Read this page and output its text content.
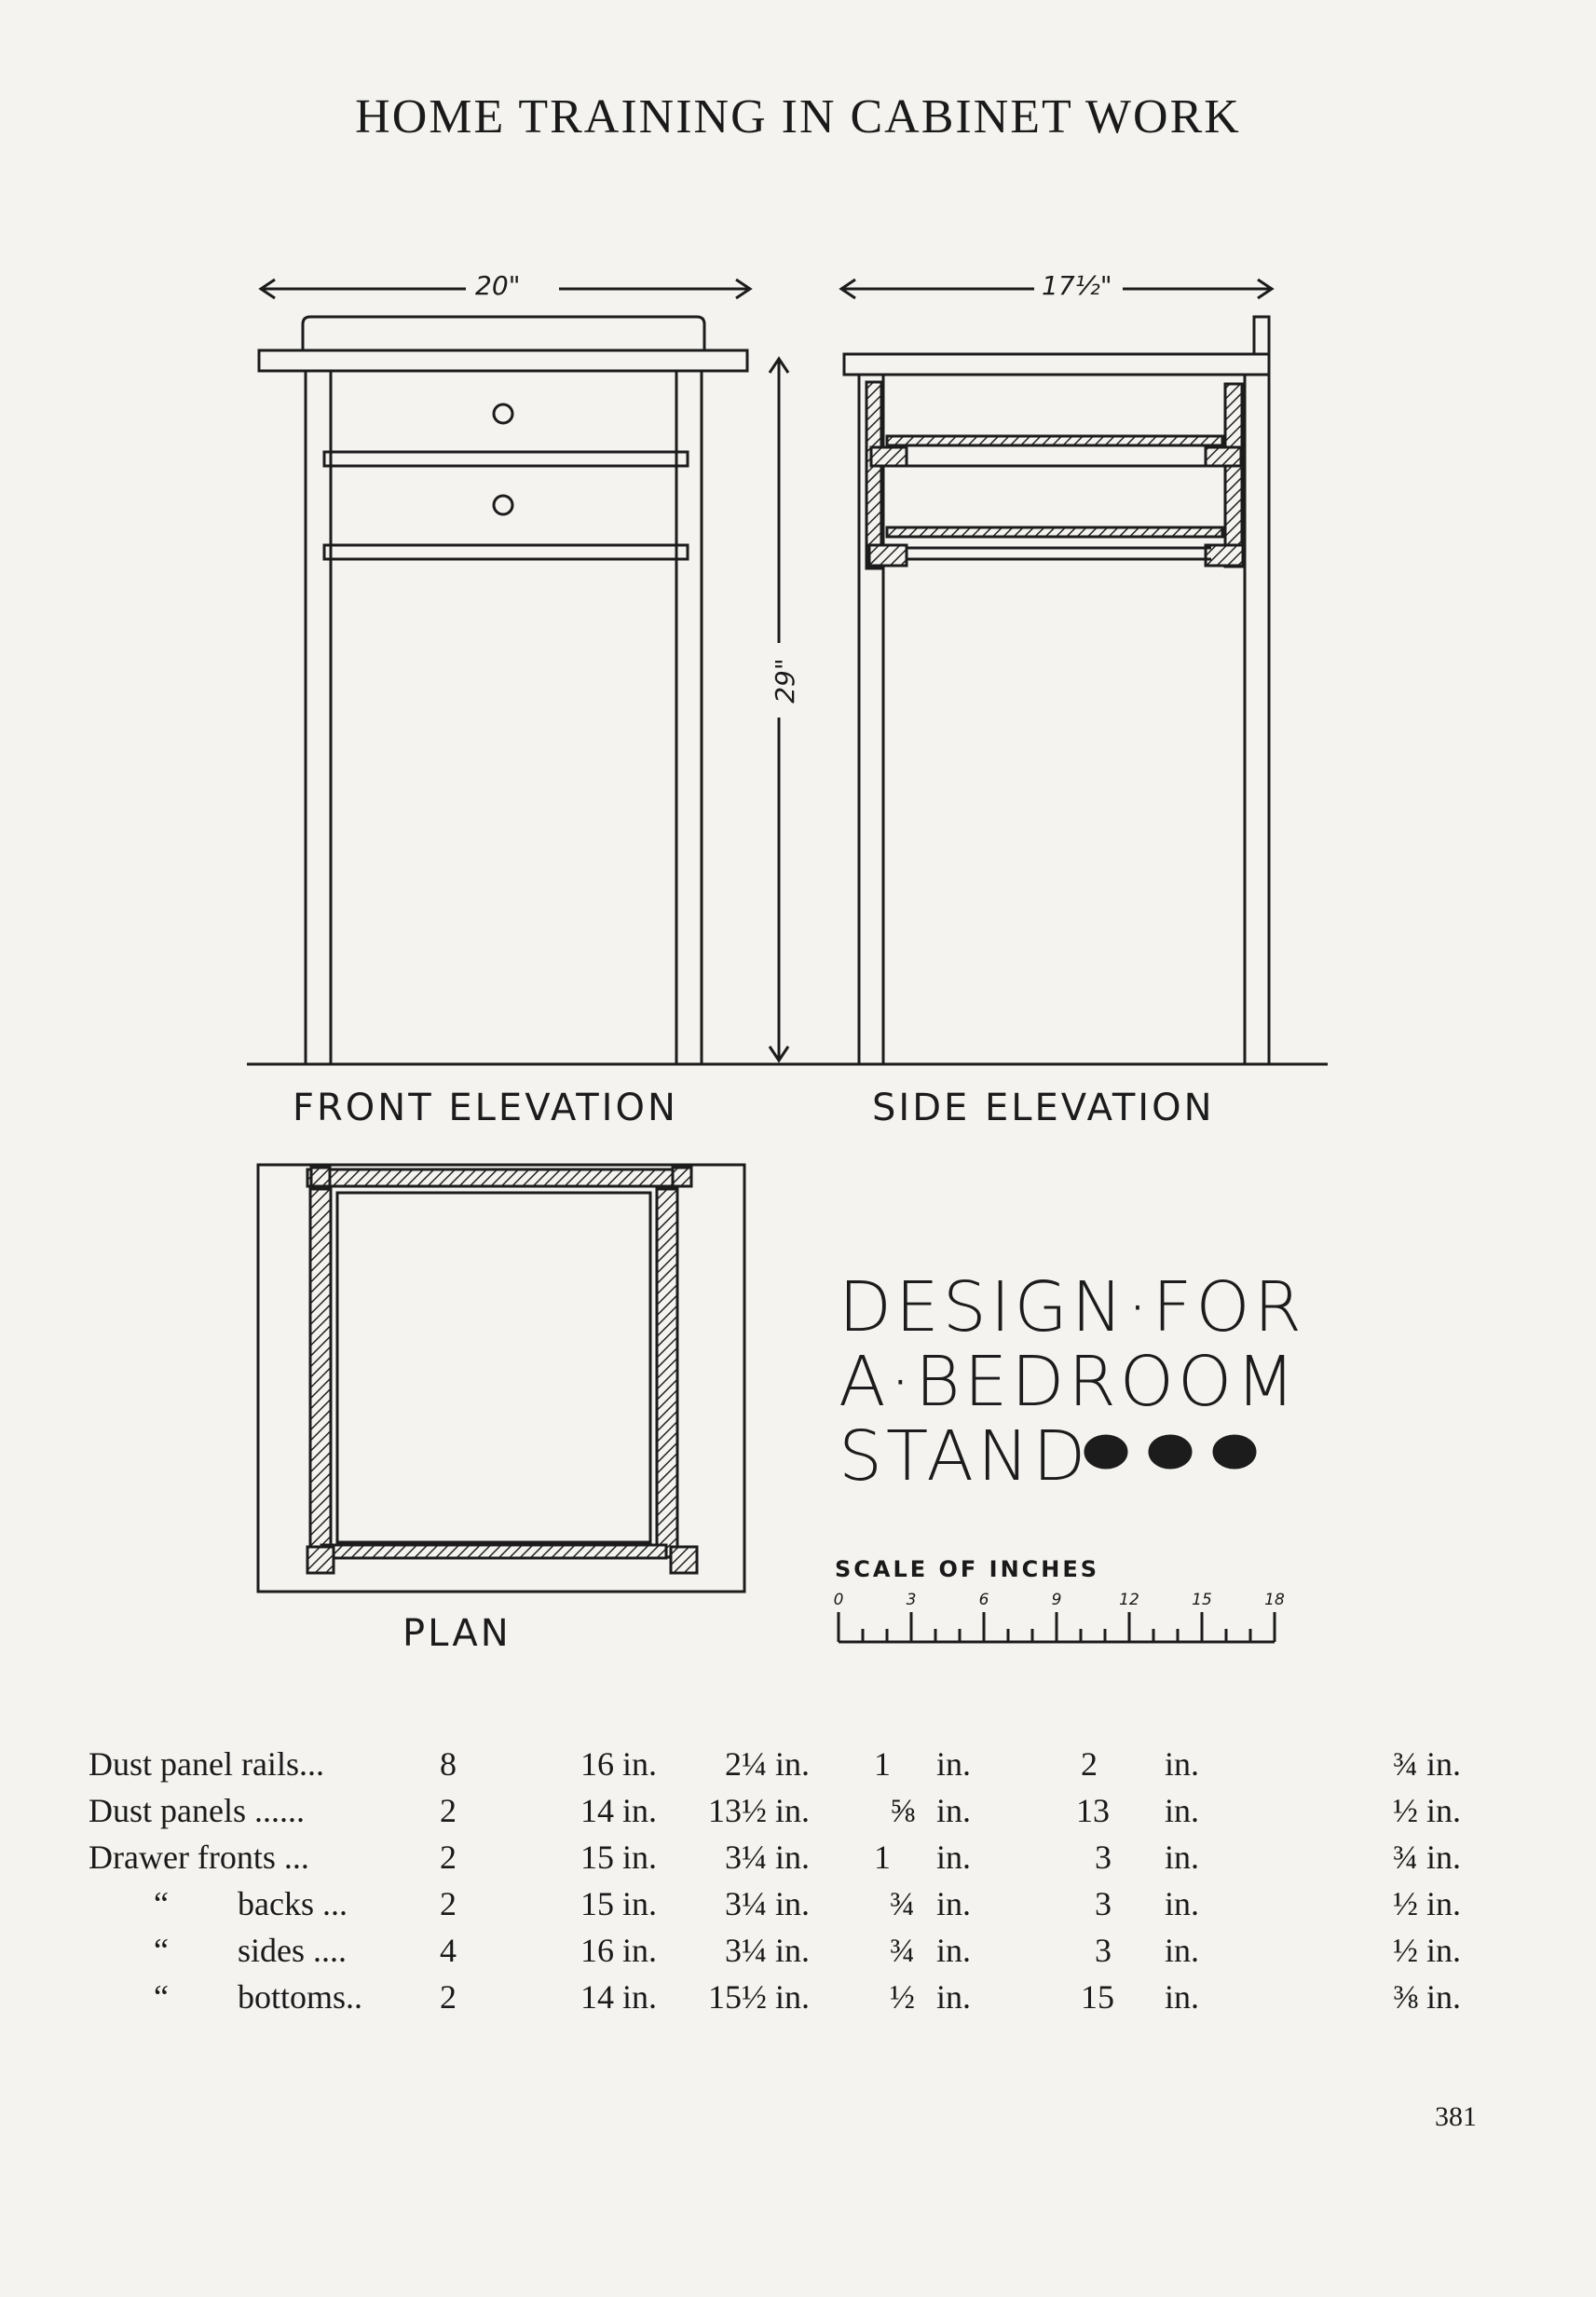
HOME TRAINING IN CABINET WORK
20"	17½"
29"
FRONT ELEVATION	SIDE ELEVATION
PLAN
DESIGN·FOR
A·BEDROOM
STAND
SCALE OF INCHES
0	3	6	9	12	15	18
Dust panel rails...	8	16 in. 2¼ in. 1 in.	2 in.	¾ in.
Dust panels ......	2	14 in. 13½ in. ⅝ in.	13 in.	½ in.
Drawer fronts ...	2	15 in. 3¼ in. 1 in.	3 in.	¾ in.
“ backs ...	2	15 in. 3¼ in. ¾ in.	3 in.	½ in.
“ sides ....	4	16 in. 3¼ in. ¾ in.	3 in.	½ in.
“ bottoms.. 2	14 in. 15½ in. ½ in.	15 in.	⅜ in.
381
